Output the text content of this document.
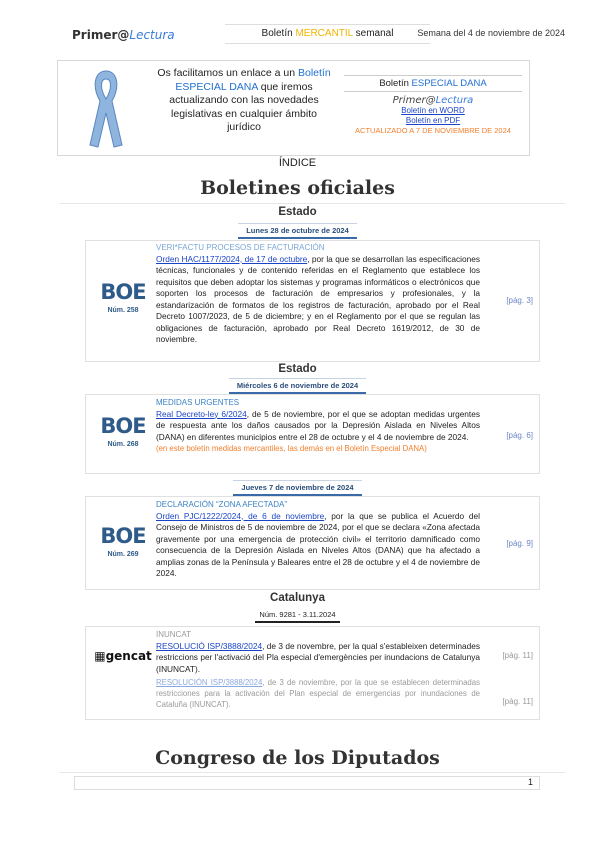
Primer@Lectura	Boletín MERCANTIL semanal	Semana del 4 de noviembre de 2024
Os facilitamos un enlace a un Boletín ESPECIAL DANA que iremos actualizando con las novedades legislativas en cualquier ámbito jurídico
Boletín ESPECIAL DANA
Primer@Lectura
Boletín en WORD
Boletín en PDF
ACTUALIZADO A 7 DE NOVIEMBRE DE 2024
ÍNDICE
Boletines oficiales
Estado
Lunes 28 de octubre de 2024
BOE
Núm. 258
VERI*FACTU PROCESOS DE FACTURACIÓN
Orden HAC/1177/2024, de 17 de octubre, por la que se desarrollan las especificaciones técnicas, funcionales y de contenido referidas en el Reglamento que establece los requisitos que deben adoptar los sistemas y programas informáticos o electrónicos que soporten los procesos de facturación de empresarios y profesionales, y la estandarización de formatos de los registros de facturación, aprobado por el Real Decreto 1007/2023, de 5 de diciembre; y en el Reglamento por el que se regulan las obligaciones de facturación, aprobado por Real Decreto 1619/2012, de 30 de noviembre.
[pág. 3]
Estado
Miércoles 6 de noviembre de 2024
BOE
Núm. 268
MEDIDAS URGENTES
Real Decreto-ley 6/2024, de 5 de noviembre, por el que se adoptan medidas urgentes de respuesta ante los daños causados por la Depresión Aislada en Niveles Altos (DANA) en diferentes municipios entre el 28 de octubre y el 4 de noviembre de 2024.
(en este boletín medidas mercantiles, las demás en el Boletín Especial DANA)
[pág. 6]
Jueves 7 de noviembre de 2024
BOE
Núm. 269
DECLARACIÓN “ZONA AFECTADA”
Orden PJC/1222/2024, de 6 de noviembre, por la que se publica el Acuerdo del Consejo de Ministros de 5 de noviembre de 2024, por el que se declara «Zona afectada gravemente por una emergencia de protección civil» el territorio damnificado como consecuencia de la Depresión Aislada en Niveles Altos (DANA) que ha afectado a amplias zonas de la Península y Baleares entre el 28 de octubre y el 4 de noviembre de 2024.
[pág. 9]
Catalunya
Núm. 9281 - 3.11.2024
▦gencat
INUNCAT
RESOLUCIÓ ISP/3888/2024, de 3 de novembre, per la qual s'estableixen determinades restriccions per l'activació del Pla especial d'emergències per inundacions de Catalunya (INUNCAT).
RESOLUCIÓN ISP/3888/2024, de 3 de noviembre, por la que se establecen determinadas restricciones para la activación del Plan especial de emergencias por inundaciones de Cataluña (INUNCAT).
[pág. 11]
[pág. 11]
Congreso de los Diputados
1
